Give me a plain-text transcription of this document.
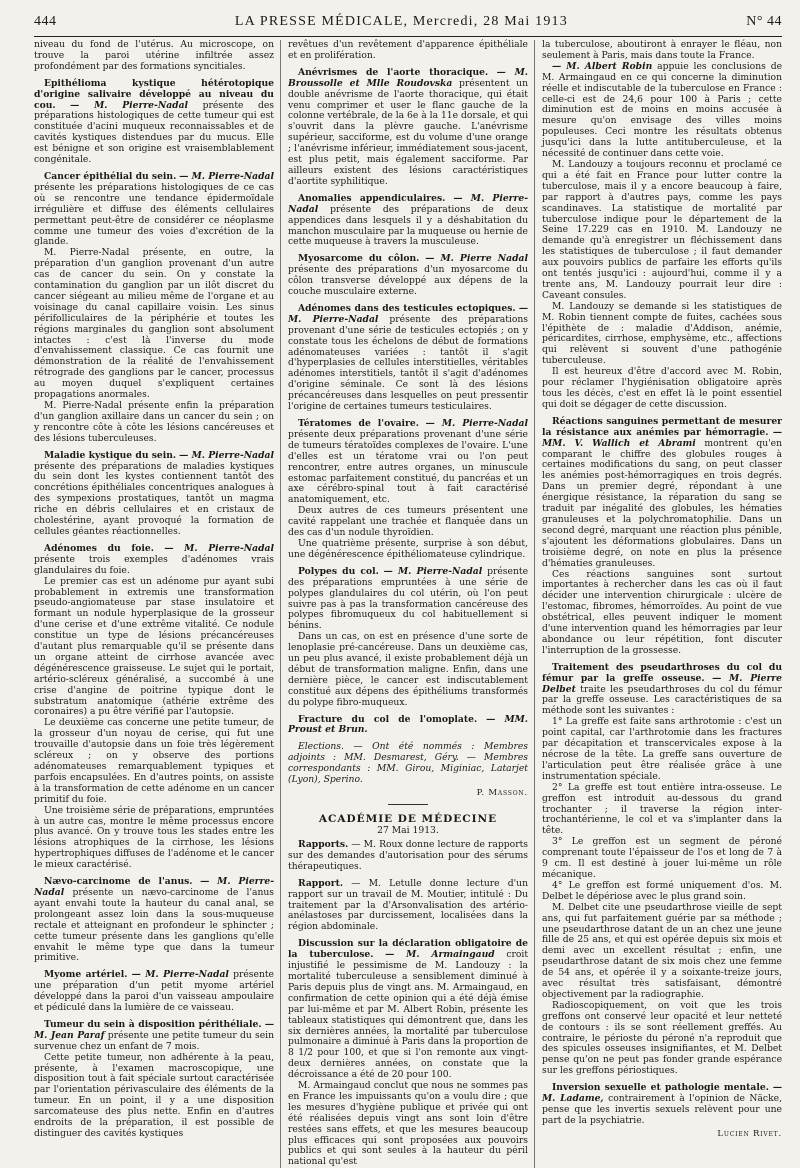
444	LA PRESSE MÉDICALE, Mercredi, 28 Mai 1913	N° 44

niveau du fond de l'utérus. Au microscope, on trouve la paroi utérine infiltrée assez profondément par des formations syncitiales.

Epithélioma kystique hétérotopique d'origine salivaire développé au niveau du cou. — M. Pierre-Nadal présente des préparations histologiques de cette tumeur qui est constituée d'acini muqueux reconnaissables et de cavités kystiques distendues par du mucus. Elle est bénigne et son origine est vraisemblablement congénitale.

Cancer épithélial du sein. — M. Pierre-Nadal présente les préparations histologiques de ce cas où se rencontre une tendance épidermoïdale irrégulière et diffuse des éléments cellulaires permettant peut-être de considérer ce néoplasme comme une tumeur des voies d'excrétion de la glande.

M. Pierre-Nadal présente, en outre, la préparation d'un ganglion provenant d'un autre cas de cancer du sein. On y constate la contamination du ganglion par un ilôt discret du cancer siégeant au milieu même de l'organe et au voisinage du canal capillaire voisin. Les sinus périfolliculaires de la périphérie et toutes les régions marginales du ganglion sont absolument intactes : c'est là l'inverse du mode d'envahissement classique. Ce cas fournit une démonstration de la réalité de l'envahissement rétrograde des ganglions par le cancer, processus au moyen duquel s'expliquent certaines propagations anormales.

M. Pierre-Nadal présente enfin la préparation d'un ganglion axillaire dans un cancer du sein ; on y rencontre côte à côte les lésions cancéreuses et des lésions tuberculeuses.

Maladie kystique du sein. — M. Pierre-Nadal présente des préparations de maladies kystiques du sein dont les kystes contiennent tantôt des concrétions épithéliales concentriques analogues à des sympexions prostatiques, tantôt un magma riche en débris cellulaires et en cristaux de cholestérine, ayant provoqué la formation de cellules géantes réactionnelles.

Adénomes du foie. — M. Pierre-Nadal présente trois exemples d'adénomes vrais glandulaires du foie.

Le premier cas est un adénome pur ayant subi probablement in extremis une transformation pseudo-angiomateuse par stase insulatoire et formant un nodule hyperplasique de la grosseur d'une cerise et d'une extrême vitalité. Ce nodule constitue un type de lésions précancéreuses d'autant plus remarquable qu'il se présente dans un organe atteint de cirrhose avancée avec dégénérescence graisseuse. Le sujet qui le portait, artério-scléreux généralisé, a succombé à une crise d'angine de poitrine typique dont le substratum anatomique (athérie extrême des coronaires) a pu être vérifié par l'autopsie.

Le deuxième cas concerne une petite tumeur, de la grosseur d'un noyau de cerise, qui fut une trouvaille d'autopsie dans un foie très légèrement scléreux ; on y observe des portions adénomateuses remarquablement typiques et parfois encapsulées. En d'autres points, on assiste à la transformation de cette adénome en un cancer primitif du foie.

Une troisième série de préparations, empruntées à un autre cas, montre le même processus encore plus avancé. On y trouve tous les stades entre les lésions atrophiques de la cirrhose, les lésions hypertrophiques diffuses de l'adénome et le cancer le mieux caractérisé.

Nævo-carcinome de l'anus. — M. Pierre-Nadal présente un nævo-carcinome de l'anus ayant envahi toute la hauteur du canal anal, se prolongeant assez loin dans la sous-muqueuse rectale et atteignant en profondeur le sphincter ; cette tumeur présente dans les ganglions qu'elle envahit le même type que dans la tumeur primitive.

Myome artériel. — M. Pierre-Nadal présente une préparation d'un petit myome artériel développé dans la paroi d'un vaisseau ampoulaire et pédiculé dans la lumière de ce vaisseau.

Tumeur du sein à disposition périthéliale. — M. Jean Paraf présente une petite tumeur du sein survenue chez un enfant de 7 mois.

Cette petite tumeur, non adhérente à la peau, présente, à l'examen macroscopique, une disposition tout à fait spéciale surtout caractérisée par l'orientation périvasculaire des éléments de la tumeur. En un point, il y a une disposition sarcomateuse des plus nette. Enfin en d'autres endroits de la préparation, il est possible de distinguer des cavités kystiques

revêtues d'un revêtement d'apparence épithéliale et en prolifération.

Anévrismes de l'aorte thoracique. — M. Broussolle et Mlle Roudovska présentent un double anévrisme de l'aorte thoracique, qui était venu comprimer et user le flanc gauche de la colonne vertébrale, de la 6e à la 11e dorsale, et qui s'ouvrit dans la plèvre gauche. L'anévrisme supérieur, sacciforme, est du volume d'une orange ; l'anévrisme inférieur, immédiatement sous-jacent, est plus petit, mais également sacciforme. Par ailleurs existent des lésions caractéristiques d'aortite syphilitique.

Anomalies appendiculaires. — M. Pierre-Nadal présente des préparations de deux appendices dans lesquels il y a déshabitation du manchon musculaire par la muqueuse ou hernie de cette muqueuse à travers la musculeuse.

Myosarcome du côlon. — M. Pierre Nadal présente des préparations d'un myosarcome du côlon transverse développé aux dépens de la couche musculaire externe.

Adénomes dans des testicules ectopiques. — M. Pierre-Nadal présente des préparations provenant d'une série de testicules ectopiés ; on y constate tous les échelons de début de formations adénomateuses variées : tantôt il s'agit d'hyperplasies de cellules interstitielles, véritables adénomes interstitiels, tantôt il s'agit d'adénomes d'origine séminale. Ce sont là des lésions précancéreuses dans lesquelles on peut pressentir l'origine de certaines tumeurs testiculaires.

Tératomes de l'ovaire. — M. Pierre-Nadal présente deux préparations provenant d'une série de tumeurs tératoïdes complexes de l'ovaire. L'une d'elles est un tératome vrai ou l'on peut rencontrer, entre autres organes, un minuscule estomac parfaitement constitué, du pancréas et un axe cérébro-spinal tout à fait caractérisé anatomiquement, etc.

Deux autres de ces tumeurs présentent une cavité rappelant une trachée et flanquée dans un des cas d'un nodule thyroïdien.

Une quatrième présente, surprise à son début, une dégénérescence épithéliomateuse cylindrique.

Polypes du col. — M. Pierre-Nadal présente des préparations empruntées à une série de polypes glandulaires du col utérin, où l'on peut suivre pas à pas la transformation cancéreuse des polypes fibromuqueux du col habituellement si bénins.

Dans un cas, on est en présence d'une sorte de lenoplasie pré-cancéreuse. Dans un deuxième cas, un peu plus avancé, il existe probablement déjà un début de transformation maligne. Enfin, dans une dernière pièce, le cancer est indiscutablement constitué aux dépens des épithéliums transformés du polype fibro-muqueux.

Fracture du col de l'omoplate. — MM. Proust et Brun.

Elections. — Ont été nommés : Membres adjoints : MM. Desmarest, Géry. — Membres correspondants : MM. Girou, Miginiac, Latarjet (Lyon), Sperino.

P. Masson.
ACADÉMIE DE MÉDECINE
27 Mai 1913.

Rapports. — M. Roux donne lecture de rapports sur des demandes d'autorisation pour des sérums thérapeutiques.

Rapport. — M. Letulle donne lecture d'un rapport sur un travail de M. Moutier, intitulé : Du traitement par la d'Arsonvalisation des artério-anélastoses par durcissement, localisées dans la région abdominale.

Discussion sur la déclaration obligatoire de la tuberculose. — M. Armaingaud croit injustifié le pessimisme de M. Landouzy : la mortalité tuberculeuse a sensiblement diminué à Paris depuis plus de vingt ans. M. Armaingaud, en confirmation de cette opinion qui a été déjà émise par lui-même et par M. Albert Robin, présente les tableaux statistiques qui démontrent que, dans les six dernières années, la mortalité par tuberculose pulmonaire a diminué à Paris dans la proportion de 8 1/2 pour 100, et que si l'on remonte aux vingt-deux dernières années, on constate que la décroissance a été de 20 pour 100.

M. Armaingaud conclut que nous ne sommes pas en France les impuissants qu'on a voulu dire ; que les mesures d'hygiène publique et privée qui ont été réalisées depuis vingt ans sont loin d'être restées sans effets, et que les mesures beaucoup plus efficaces qui sont proposées aux pouvoirs publics et qui sont seules à la hauteur du péril national qu'est

la tuberculose, aboutiront à enrayer le fléau, non seulement à Paris, mais dans toute la France.

— M. Albert Robin appuie les conclusions de M. Armaingaud en ce qui concerne la diminution réelle et indiscutable de la tuberculose en France : celle-ci est de 24,6 pour 100 à Paris ; cette diminution est de moins en moins accusée à mesure qu'on envisage des villes moins populeuses. Ceci montre les résultats obtenus jusqu'ici dans la lutte antituberculeuse, et la nécessité de continuer dans cette voie.

M. Landouzy a toujours reconnu et proclamé ce qui a été fait en France pour lutter contre la tuberculose, mais il y a encore beaucoup à faire, par rapport à d'autres pays, comme les pays scandinaves. La statistique de mortalité par tuberculose indique pour le département de la Seine 17.229 cas en 1910. M. Landouzy ne demande qu'à enregistrer un fléchissement dans les statistiques de tuberculose ; il faut demander aux pouvoirs publics de parfaire les efforts qu'ils ont tentés jusqu'ici : aujourd'hui, comme il y a trente ans, M. Landouzy pourrait leur dire : Caveant consules.

M. Landouzy se demande si les statistiques de M. Robin tiennent compte de fuites, cachées sous l'épithète de : maladie d'Addison, anémie, péricardites, cirrhose, emphysème, etc., affections qui relèvent si souvent d'une pathogénie tuberculeuse.

Il est heureux d'être d'accord avec M. Robin, pour réclamer l'hygiénisation obligatoire après tous les décès, c'est en effet là le point essentiel qui doit se dégager de cette discussion.

Réactions sanguines permettant de mesurer la résistance aux anémies par hémorragie. — MM. V. Wallich et Abrami montrent qu'en comparant le chiffre des globules rouges à certaines modifications du sang, on peut classer les anémies post-hémorragiques en trois degrés. Dans un premier degré, répondant à une énergique résistance, la réparation du sang se traduit par inégalité des globules, les hématies granuleuses et la polychromatophilie. Dans un second degré, marquant une réaction plus pénible, s'ajoutent les déformations globulaires. Dans un troisième degré, on note en plus la présence d'hématies granuleuses.

Ces réactions sanguines sont surtout importantes à rechercher dans les cas où il faut décider une intervention chirurgicale : ulcère de l'estomac, fibromes, hémorroïdes. Au point de vue obstétrical, elles peuvent indiquer le moment d'une intervention quand les hémorragies par leur abondance ou leur répétition, font discuter l'interruption de la grossesse.

Traitement des pseudarthroses du col du fémur par la greffe osseuse. — M. Pierre Delbet traite les pseudarthroses du col du fémur par la greffe osseuse. Les caractéristiques de sa méthode sont les suivantes :

1° La greffe est faite sans arthrotomie : c'est un point capital, car l'arthrotomie dans les fractures par décapitation et transcervicales expose à la nécrose de la tête. La greffe sans ouverture de l'articulation peut être réalisée grâce à une instrumentation spéciale.

2° La greffe est tout entière intra-osseuse. Le greffon est introduit au-dessous du grand trochanter ; il traverse la région inter-trochantérienne, le col et va s'implanter dans la tête.

3° Le greffon est un segment de péroné comprenant toute l'épaisseur de l'os et long de 7 à 9 cm. Il est destiné à jouer lui-même un rôle mécanique.

4° Le greffon est formé uniquement d'os. M. Delbet le dépériose avec le plus grand soin.

M. Delbet cite une pseudarthrose vieille de sept ans, qui fut parfaitement guérie par sa méthode ; une pseudarthrose datant de un an chez une jeune fille de 25 ans, et qui est opérée depuis six mois et demi avec un excellent résultat ; enfin, une pseudarthrose datant de six mois chez une femme de 54 ans, et opérée il y a soixante-treize jours, avec résultat très satisfaisant, démontré objectivement par la radiographie.

Radioscopiquement, on voit que les trois greffons ont conservé leur opacité et leur netteté de contours : ils se sont réellement greffés. Au contraire, le périoste du péroné n'a reproduit que des spicules osseuses insignifiantes, et M. Delbet pense qu'on ne peut pas fonder grande espérance sur les greffons périostiques.

Inversion sexuelle et pathologie mentale. — M. Ladame, contrairement à l'opinion de Näcke, pense que les invertis sexuels relèvent pour une part de la psychiatrie.

Lucien Rivet.
